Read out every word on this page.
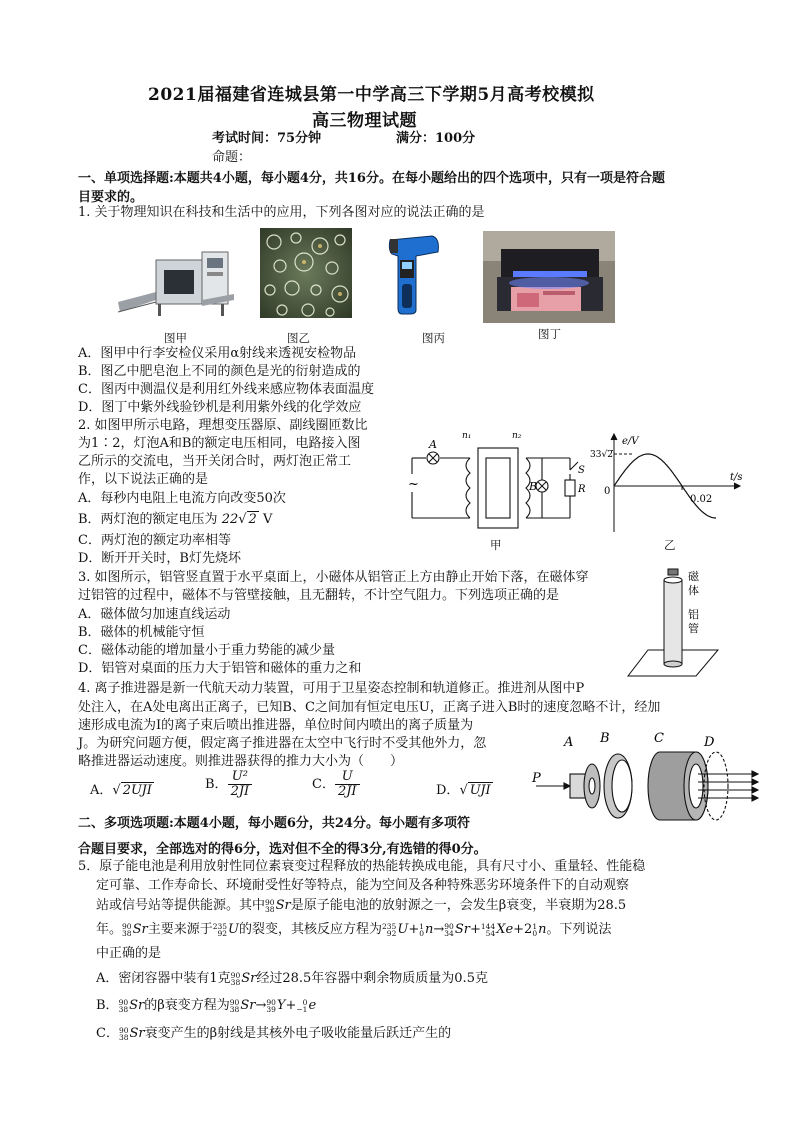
2021届福建省连城县第一中学高三下学期5月高考校模拟
高三物理试题
考试时间：75分钟	满分：100分
命题：
一、单项选择题:本题共4小题，每小题4分，共16分。在每小题给出的四个选项中，只有一项是符合题
目要求的。
1. 关于物理知识在科技和生活中的应用，下列各图对应的说法正确的是
图甲	图乙	图丙	图丁
A．图甲中行李安检仪采用α射线来透视安检物品
B．图乙中肥皂泡上不同的颜色是光的衍射造成的
C．图丙中测温仪是利用红外线来感应物体表面温度
D．图丁中紫外线验钞机是利用紫外线的化学效应
2. 如图甲所示电路，理想变压器原、副线圈匝数比
为1∶2，灯泡A和B的额定电压相同，电路接入图
乙所示的交流电，当开关闭合时，两灯泡正常工
作，以下说法正确的是
A．每秒内电阻上电流方向改变50次
B．两灯泡的额定电压为 22√ 2 V
C．两灯泡的额定功率相等
D．断开开关时，B灯先烧坏
~
A
n₁	n₂
B
S
R
甲
e/V
33√2
0
t/s
0.02
乙
3. 如图所示，铝管竖直置于水平桌面上，小磁体从铝管正上方由静止开始下落，在磁体穿
过铝管的过程中，磁体不与管壁接触，且无翻转，不计空气阻力。下列选项正确的是
A．磁体做匀加速直线运动
B．磁体的机械能守恒
C．磁体动能的增加量小于重力势能的减少量
D．铝管对桌面的压力大于铝管和磁体的重力之和
磁
体
铝
管
4. 离子推进器是新一代航天动力装置，可用于卫星姿态控制和轨道修正。推进剂从图中P
处注入，在A处电离出正离子，已知B、C之间加有恒定电压U，正离子进入B时的速度忽略不计，经加
速形成电流为I的离子束后喷出推进器，单位时间内喷出的离子质量为
J。为研究问题方便，假定离子推进器在太空中飞行时不受其他外力，忽
略推进器运动速度。则推进器获得的推力大小为（　　）
A．√ 2UJI	B． $\frac{\text{U²}}{2JI}$	C． $\frac{U}{2JI}$	D．√ UJI
P
A B	C	D
二、多项选项题:本题4小题，每小题6分，共24分。每小题有多项符
合题目要求，全部选对的得6分，选对但不全的得3分,有选错的得0分。
5．原子能电池是利用放射性同位素衰变过程释放的热能转换成电能，具有尺寸小、重量轻、性能稳
定可靠、工作寿命长、环境耐受性好等特点，能为空间及各种特殊恶劣环境条件下的自动观察
站或信号站等提供能源。其中 90
38 Sr是原子能电池的放射源之一，会发生β衰变，半衰期为28.5
年。 90
38 Sr主要来源于 235
92 U的裂变，其核反应方程为 235
92 U+ 1
0 n→ 90
34 Sr+ 144
54 Xe+2 1
0 n。下列说法
中正确的是
A．密闭容器中装有1克 90
38 Sr经过28.5年容器中剩余物质质量为0.5克
B． 90
38 Sr的β衰变方程为 90
38 Sr→ 90
39 Y+ 0
−1 e
C． 90
38 Sr衰变产生的β射线是其核外电子吸收能量后跃迁产生的
